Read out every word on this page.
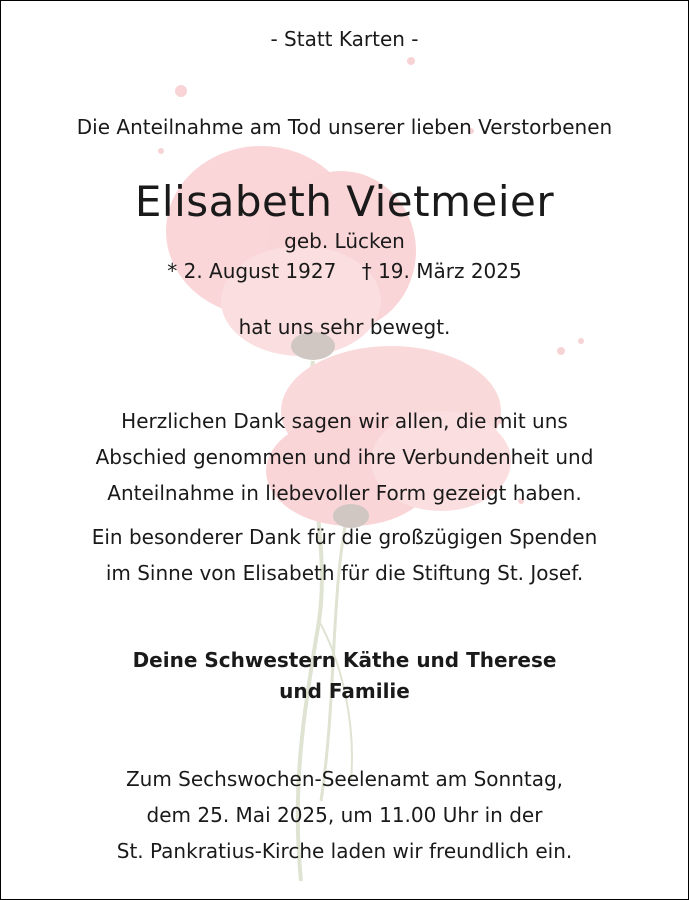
- Statt Karten -
Die Anteilnahme am Tod unserer lieben Verstorbenen
Elisabeth Vietmeier
geb. Lücken
* 2. August 1927    † 19. März 2025
hat uns sehr bewegt.
Herzlichen Dank sagen wir allen, die mit uns
Abschied genommen und ihre Verbundenheit und
Anteilnahme in liebevoller Form gezeigt haben.
Ein besonderer Dank für die großzügigen Spenden
im Sinne von Elisabeth für die Stiftung St. Josef.
Deine Schwestern Käthe und Therese
und Familie
Zum Sechswochen-Seelenamt am Sonntag,
dem 25. Mai 2025, um 11.00 Uhr in der
St. Pankratius-Kirche laden wir freundlich ein.
